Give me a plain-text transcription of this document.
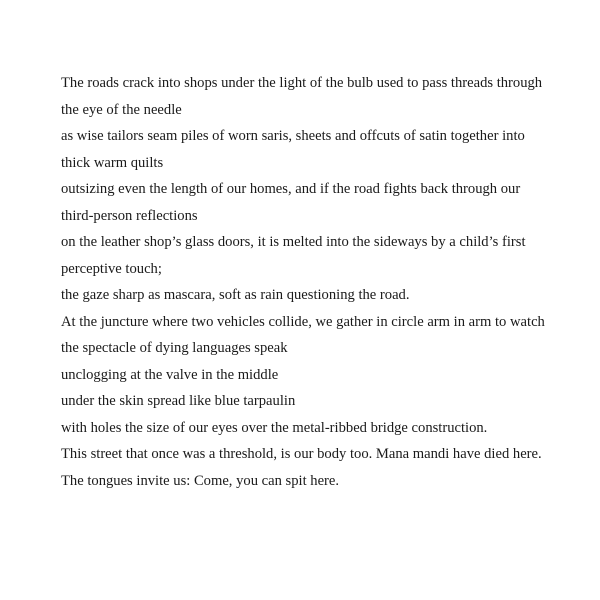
The roads crack into shops under the light of the bulb used to pass threads through
the eye of the needle
as wise tailors seam piles of worn saris, sheets and offcuts of satin together into
thick warm quilts
outsizing even the length of our homes, and if the road fights back through our
third-person reflections
on the leather shop’s glass doors, it is melted into the sideways by a child’s first
perceptive touch;
the gaze sharp as mascara, soft as rain questioning the road.
At the juncture where two vehicles collide, we gather in circle arm in arm to watch
the spectacle of dying languages speak
unclogging at the valve in the middle
under the skin spread like blue tarpaulin
with holes the size of our eyes over the metal-ribbed bridge construction.
This street that once was a threshold, is our body too. Mana mandi have died here.
The tongues invite us: Come, you can spit here.
